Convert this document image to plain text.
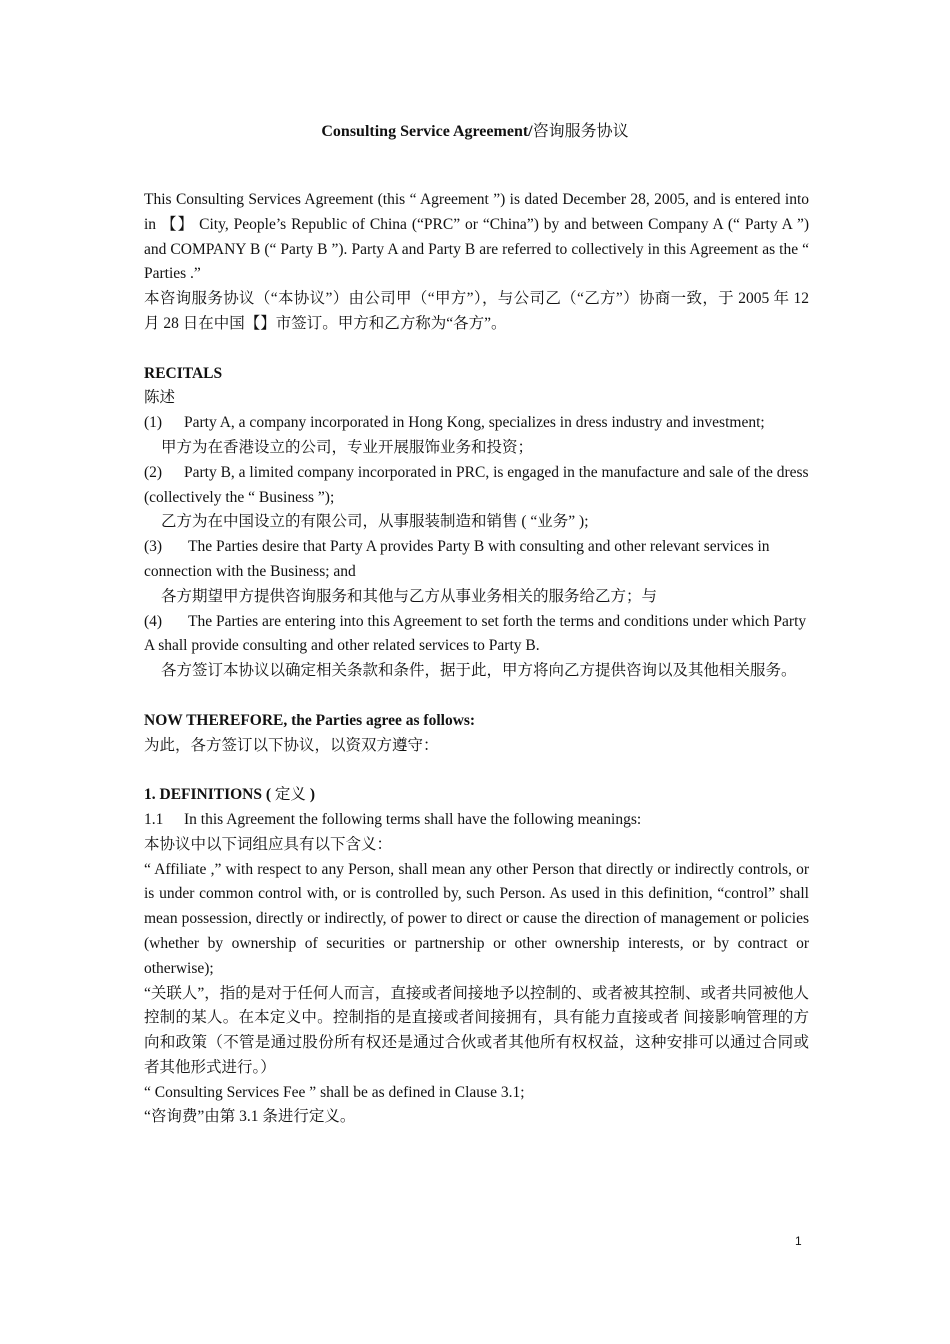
Consulting Service Agreement/咨询服务协议

This Consulting Services Agreement (this “ Agreement ”) is dated December 28, 2005, and is entered into in 【】 City, People’s Republic of China (“PRC” or “China”) by and between Company A (“ Party A ”) and COMPANY B (“ Party B ”). Party A and Party B are referred to collectively in this Agreement as the “ Parties .”

本咨询服务协议（“本协议”）由公司甲（“甲方”），与公司乙（“乙方”）协商一致，于 2005 年 12 月 28 日在中国【】市签订。甲方和乙方称为“各方”。

RECITALS

陈述

(1) Party A, a company incorporated in Hong Kong, specializes in dress industry and investment;

甲方为在香港设立的公司，专业开展服饰业务和投资；

(2) Party B, a limited company incorporated in PRC, is engaged in the manufacture and sale of the dress (collectively the “ Business ”);

乙方为在中国设立的有限公司，从事服装制造和销售 ( “业务” );

(3) The Parties desire that Party A provides Party B with consulting and other relevant services in connection with the Business; and

各方期望甲方提供咨询服务和其他与乙方从事业务相关的服务给乙方；与

(4) The Parties are entering into this Agreement to set forth the terms and conditions under which Party A shall provide consulting and other related services to Party B.

各方签订本协议以确定相关条款和条件，据于此，甲方将向乙方提供咨询以及其他相关服务。

NOW THEREFORE, the Parties agree as follows:

为此，各方签订以下协议，以资双方遵守：

1. DEFINITIONS ( 定义 )

1.1 In this Agreement the following terms shall have the following meanings:

本协议中以下词组应具有以下含义：

“ Affiliate ,” with respect to any Person, shall mean any other Person that directly or indirectly controls, or is under common control with, or is controlled by, such Person. As used in this definition, “control” shall mean possession, directly or indirectly, of power to direct or cause the direction of management or policies (whether by ownership of securities or partnership or other ownership interests, or by contract or otherwise);

“关联人”，指的是对于任何人而言，直接或者间接地予以控制的、或者被其控制、或者共同被他人控制的某人。在本定义中。控制指的是直接或者间接拥有，具有能力直接或者 间接影响管理的方向和政策（不管是通过股份所有权还是通过合伙或者其他所有权权益，这种安排可以通过合同或者其他形式进行。）

“ Consulting Services Fee ” shall be as defined in Clause 3.1;

“咨询费”由第 3.1 条进行定义。

1
